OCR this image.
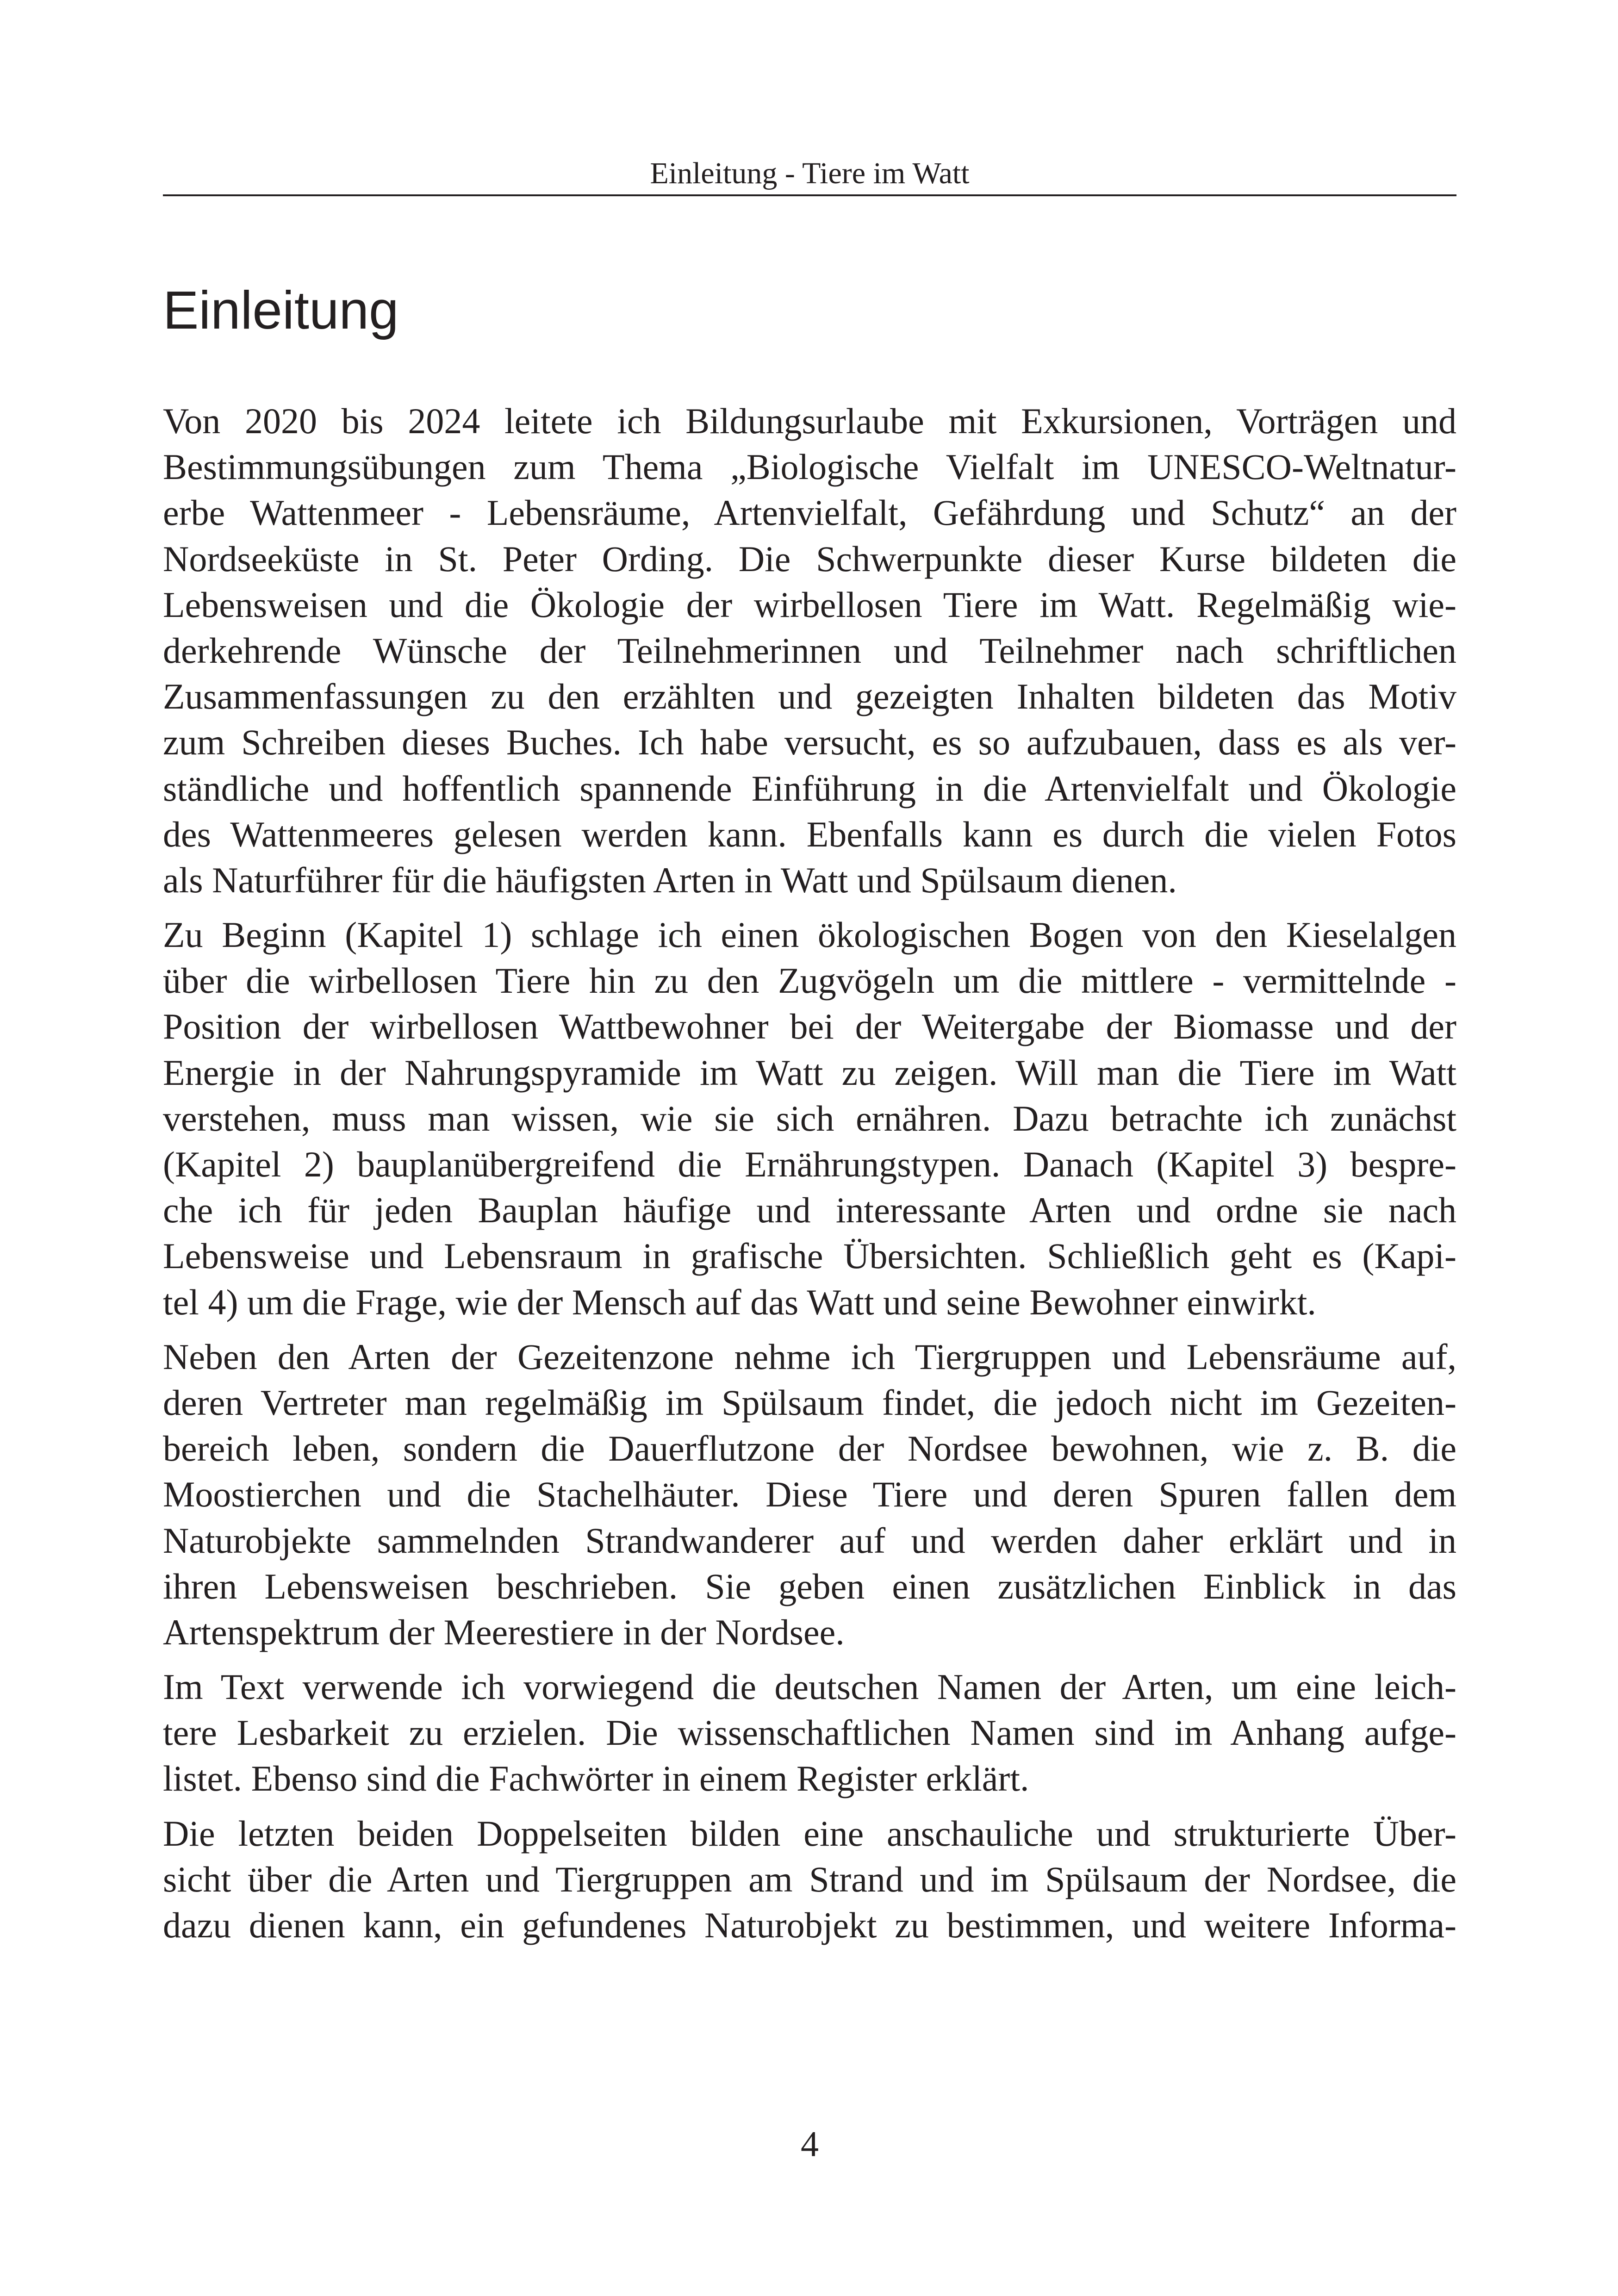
Einleitung - Tiere im Watt
Einleitung

Von 2020 bis 2024 leitete ich Bildungsurlaube mit Exkursionen, Vorträgen und
Bestimmungsübungen zum Thema „Biologische Vielfalt im UNESCO-Weltnatur-
erbe Wattenmeer - Lebensräume, Artenvielfalt, Gefährdung und Schutz“ an der
Nordseeküste in St. Peter Ording. Die Schwerpunkte dieser Kurse bildeten die
Lebensweisen und die Ökologie der wirbellosen Tiere im Watt. Regelmäßig wie-
derkehrende Wünsche der Teilnehmerinnen und Teilnehmer nach schriftlichen
Zusammenfassungen zu den erzählten und gezeigten Inhalten bildeten das Motiv
zum Schreiben dieses Buches. Ich habe versucht, es so aufzubauen, dass es als ver-
ständliche und hoffentlich spannende Einführung in die Artenvielfalt und Ökologie
des Wattenmeeres gelesen werden kann. Ebenfalls kann es durch die vielen Fotos
als Naturführer für die häufigsten Arten in Watt und Spülsaum dienen.

Zu Beginn (Kapitel 1) schlage ich einen ökologischen Bogen von den Kieselalgen
über die wirbellosen Tiere hin zu den Zugvögeln um die mittlere - vermittelnde -
Position der wirbellosen Wattbewohner bei der Weitergabe der Biomasse und der
Energie in der Nahrungspyramide im Watt zu zeigen. Will man die Tiere im Watt
verstehen, muss man wissen, wie sie sich ernähren. Dazu betrachte ich zunächst
(Kapitel 2) bauplanübergreifend die Ernährungstypen. Danach (Kapitel 3) bespre-
che ich für jeden Bauplan häufige und interessante Arten und ordne sie nach
Lebensweise und Lebensraum in grafische Übersichten. Schließlich geht es (Kapi-
tel 4) um die Frage, wie der Mensch auf das Watt und seine Bewohner einwirkt.

Neben den Arten der Gezeitenzone nehme ich Tiergruppen und Lebensräume auf,
deren Vertreter man regelmäßig im Spülsaum findet, die jedoch nicht im Gezeiten-
bereich leben, sondern die Dauerflutzone der Nordsee bewohnen, wie z. B. die
Moostierchen und die Stachelhäuter. Diese Tiere und deren Spuren fallen dem
Naturobjekte sammelnden Strandwanderer auf und werden daher erklärt und in
ihren Lebensweisen beschrieben. Sie geben einen zusätzlichen Einblick in das
Artenspektrum der Meerestiere in der Nordsee.

Im Text verwende ich vorwiegend die deutschen Namen der Arten, um eine leich-
tere Lesbarkeit zu erzielen. Die wissenschaftlichen Namen sind im Anhang aufge-
listet. Ebenso sind die Fachwörter in einem Register erklärt.

Die letzten beiden Doppelseiten bilden eine anschauliche und strukturierte Über-
sicht über die Arten und Tiergruppen am Strand und im Spülsaum der Nordsee, die
dazu dienen kann, ein gefundenes Naturobjekt zu bestimmen, und weitere Informa-

4
